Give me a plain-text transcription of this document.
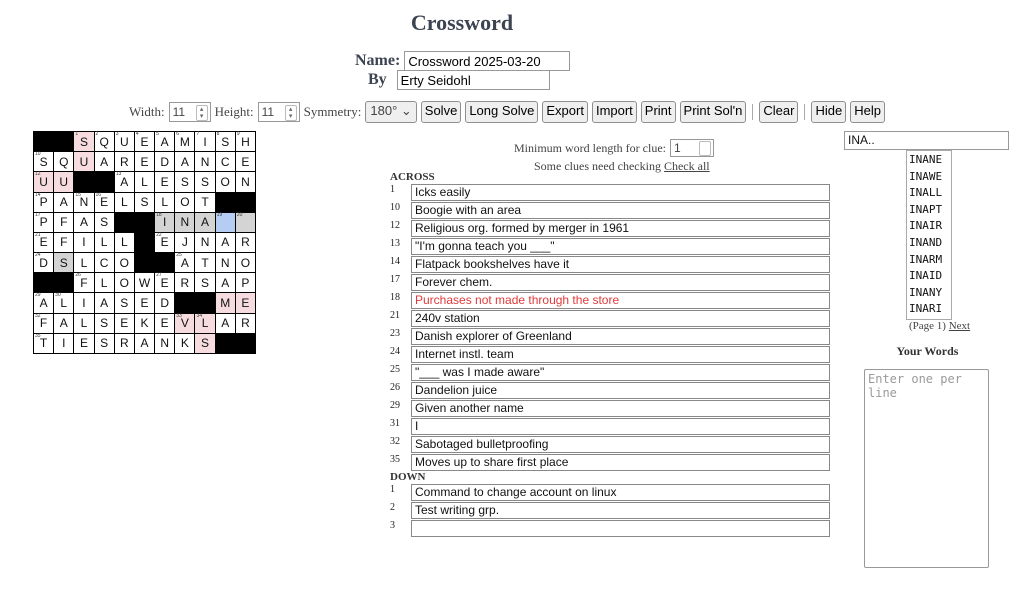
Crossword
Name: Crossword 2025-03-20
By Erty Seidohl
Width: 11	▴
▾ Height: 11	▴
▾ Symmetry: 180° ⌄	Solve Long Solve Export Import Print Print Sol'n	Clear	Hide Help
1
S
2
Q
3
U
4
E
5
A
6
M
7
I
8
S
9
H
10
S Q U A R E D A N C E
12
U U
13
A L E S S O N
14
P A
15
N
16
E L S L O T
17
P F A S
18
I N A
19	20
21
E F I L L
22
E J N A R
24
D S L C O
25
A T N O
26
F L O W
27
E R S A P
29
A
30
L I A S E D	M E
32
F A L S E K E
33
V
34
L A R
35
T I E S R A N K S
Minimum word length for clue: 1
Some clues need checking Check all
ACROSS
1	Icks easily
10	Boogie with an area
12	Religious org. formed by merger in 1961
13	"I'm gonna teach you ___"
14	Flatpack bookshelves have it
17	Forever chem.
18	Purchases not made through the store
21	240v station
23	Danish explorer of Greenland
24	Internet instl. team
25	"___ was I made aware"
26	Dandelion juice
29	Given another name
31	I
32	Sabotaged bulletproofing
35	Moves up to share first place
DOWN
1	Command to change account on linux
2	Test writing grp.
3
INA..
INANE
INAWE
INALL
INAPT
INAIR
INAND
INARM
INAID
INANY
INARI
(Page 1) Next
Your Words
Enter one per line
